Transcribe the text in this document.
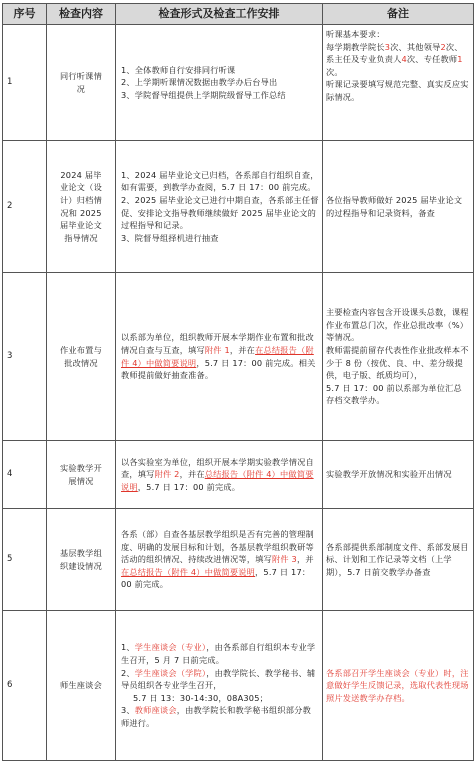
序号	检查内容	检查形式及检查工作安排	备注
1	同行听课情况	1、全体教师自行安排同行听课
2、上学期听课情况数据由教学办后台导出
3、学院督导组提供上学期院级督导工作总结	听课基本要求：
每学期教学院长3次、其他领导2次、系主任及专业负责人4次、专任教师1次。
听课记录要填写规范完整、真实反应实际情况。

2	2024 届毕业论文（设计）归档情况和 2025 届毕业论文指导情况	1、2024 届毕业论文已归档，各系部自行组织自查，如有需要，到教学办查阅，5.7 日 17：00 前完成。
2、2025 届毕业论文已进行中期自查，各系部主任督促、安排论文指导教师继续做好 2025 届毕业论文的过程指导和记录。
3、院督导组择机进行抽查	各位指导教师做好 2025 届毕业论文的过程指导和记录资料，备查
3	作业布置与批改情况	以系部为单位，组织教师开展本学期作业布置和批改情况自查与互查，填写附件 1，并在在总结报告（附件 4）中做简要说明，5.7 日 17：00 前完成。相关教师提前做好抽查准备。	主要检查内容包含开设课头总数，课程作业布置总门次，作业总批改率（%）等情况。
教师需提前留存代表性作业批改样本不少于 8 份（按优、良、中、差分级提供，电子版、纸质均可），
5.7 日 17：00 前以系部为单位汇总存档交教学办。

4	实验教学开展情况	以各实验室为单位，组织开展本学期实验教学情况自查，填写附件 2，并在总结报告（附件 4）中做简要说明，5.7 日 17：00 前完成。	实验教学开放情况和实验开出情况
5	基层教学组织建设情况	各系（部）自查各基层教学组织是否有完善的管理制度、明确的发展目标和计划，各基层教学组织教研等活动的组织情况、持续改进情况等，填写附件 3，并在总结报告（附件 4）中做简要说明，5.7 日 17：00 前完成。	各系部提供系部制度文件、系部发展目标、计划和工作记录等文档（上学期），5.7 日前交教学办备查
6	师生座谈会	1、学生座谈会（专业），由各系部自行组织本专业学生召开，5 月 7 日前完成。
2、学生座谈会（学院），由教学院长、教学秘书、辅导员组织各专业学生召开，
5.7 日 13：30-14:30，08A305；
3、教师座谈会，由教学院长和教学秘书组织部分教师进行。	各系部召开学生座谈会（专业）时，注意做好学生反馈记录，选取代表性现场照片发送教学办存档。
